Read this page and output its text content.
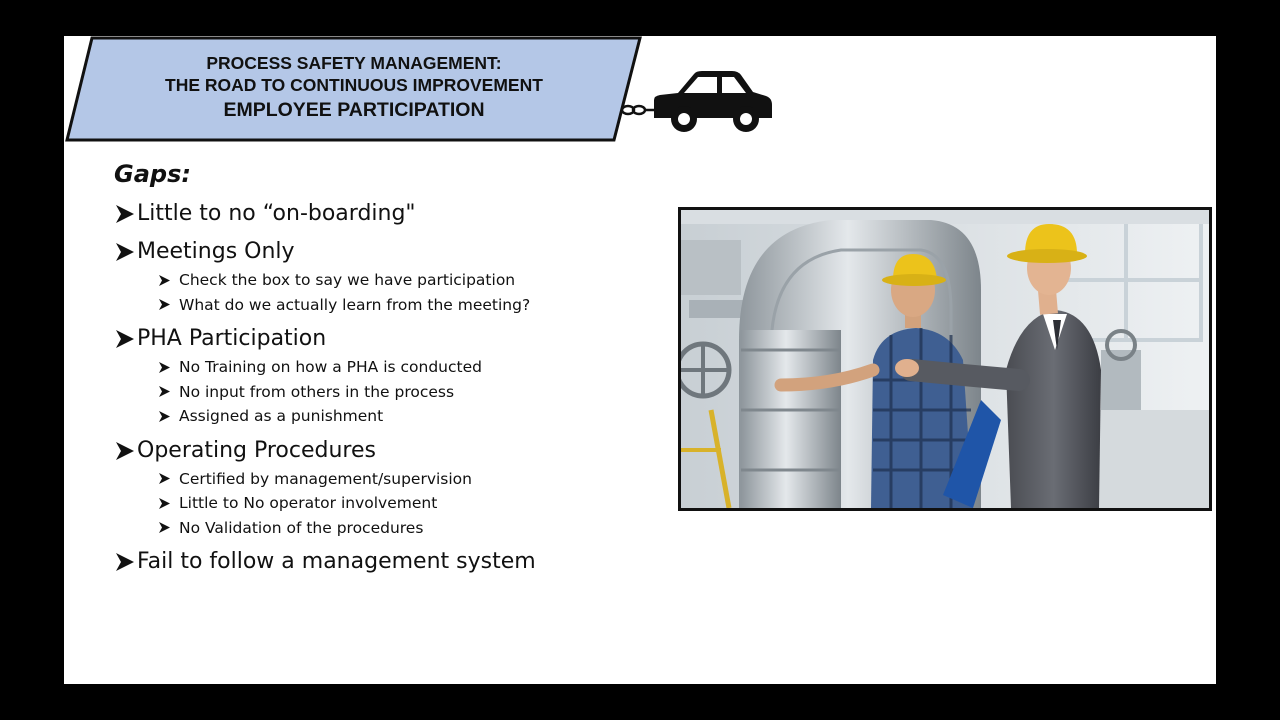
PROCESS SAFETY MANAGEMENT:
THE ROAD TO CONTINUOUS IMPROVEMENT
EMPLOYEE PARTICIPATION
Gaps:
Little to no “on-boarding"
Meetings Only
Check the box to say we have participation
What do we actually learn from the meeting?
PHA Participation
No Training on how a PHA is conducted
No input from others in the process
Assigned as a punishment
Operating Procedures
Certified by management/supervision
Little to No operator involvement
No Validation of the procedures
Fail to follow a management system
